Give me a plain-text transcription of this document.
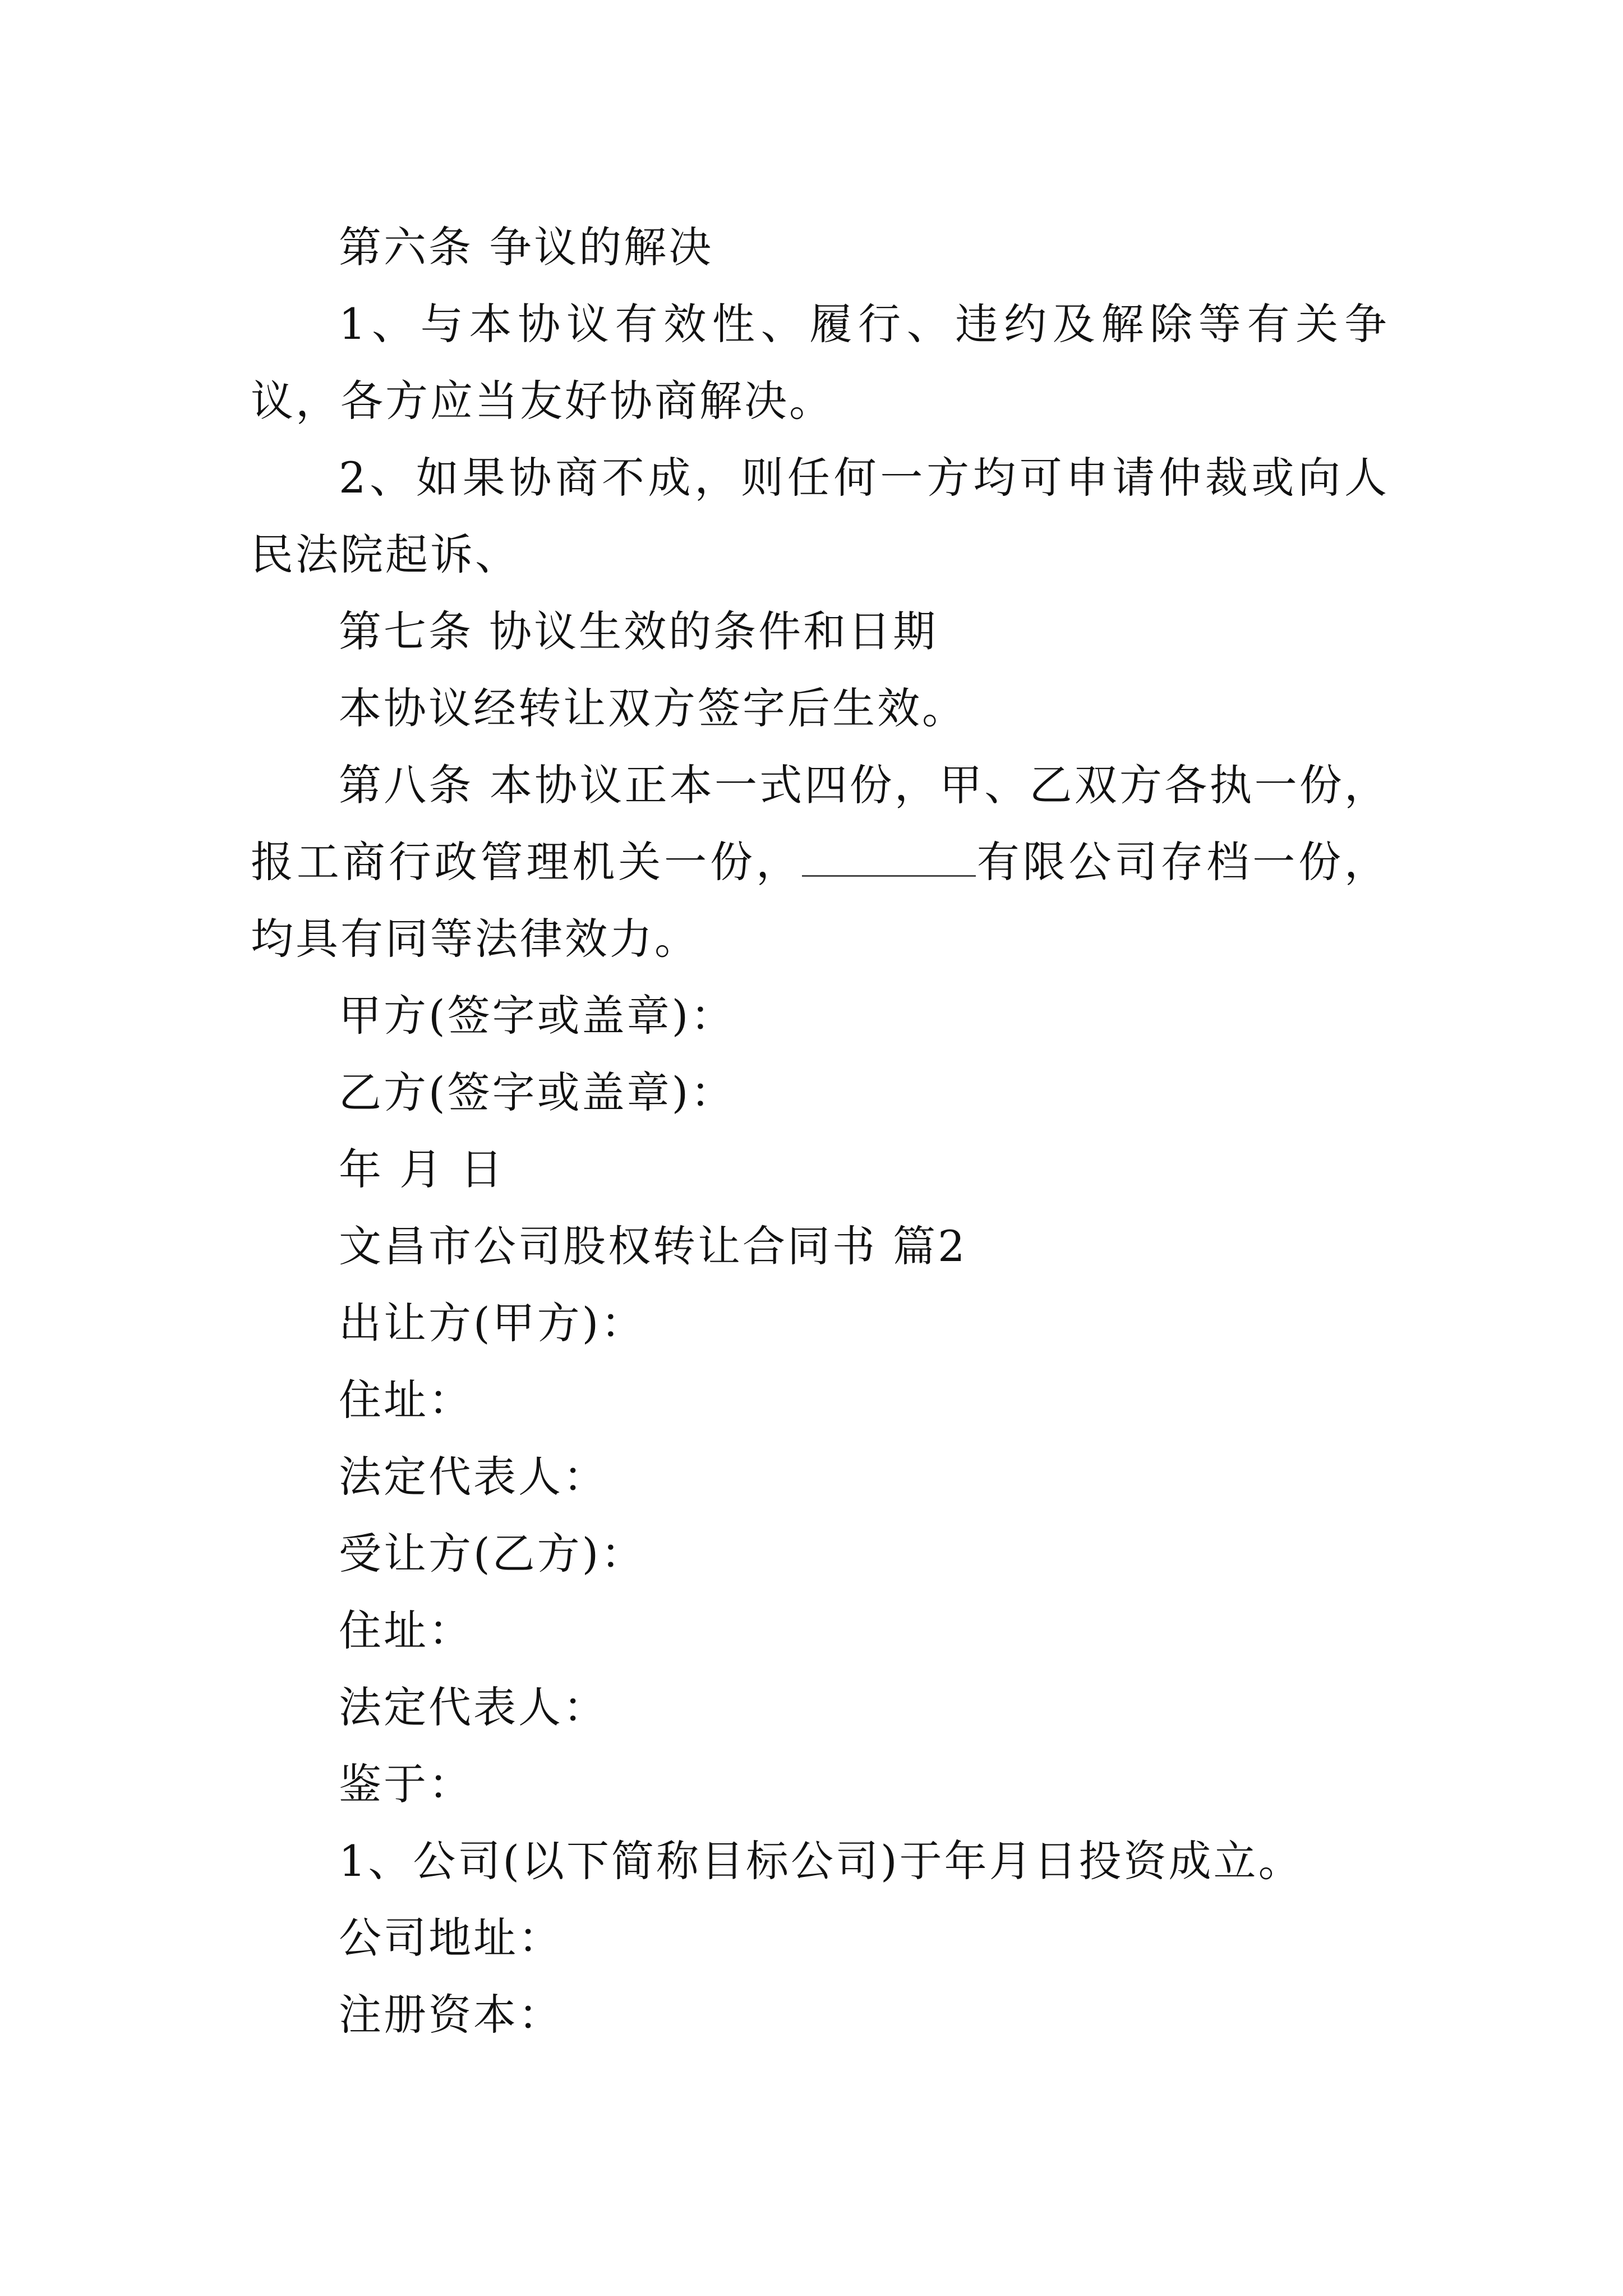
第六条 争议的解决

1、与本协议有效性、履行、违约及解除等有关争议，各方应当友好协商解决。

2、如果协商不成，则任何一方均可申请仲裁或向人民法院起诉、

第七条 协议生效的条件和日期

本协议经转让双方签字后生效。

第八条 本协议正本一式四份，甲、乙双方各执一份，报工商行政管理机关一份，	有限公司存档一份，均具有同等法律效力。

甲方(签字或盖章)：

乙方(签字或盖章)：

年 月 日

文昌市公司股权转让合同书 篇2

出让方(甲方)：

住址：

法定代表人：

受让方(乙方)：

住址：

法定代表人：

鉴于：

1、公司(以下简称目标公司)于年月日投资成立。

公司地址：

注册资本：
